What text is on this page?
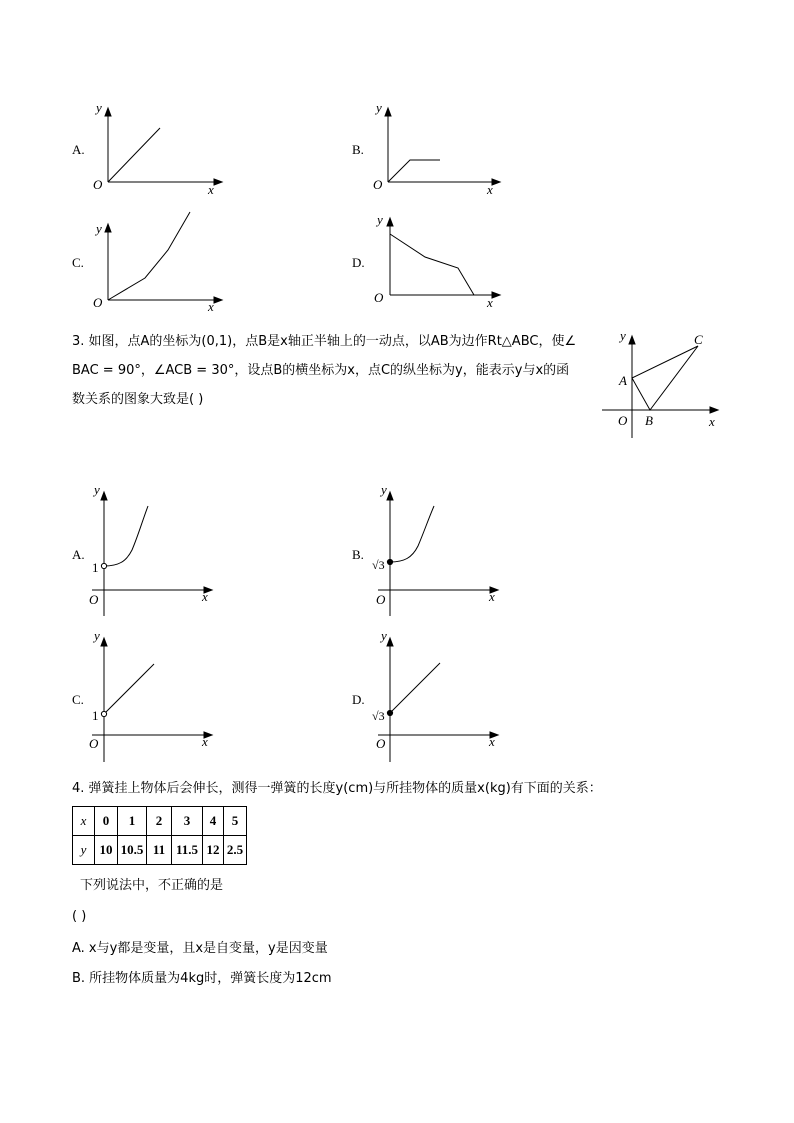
A.
y
x
O
B.
y
x
O
C.
y
x
O
D.
y
x
O
3. 如图，点A的坐标为(0,1)，点B是x轴正半轴上的一动点，以AB为边作Rt△ABC，使∠
BAC = 90°，∠ACB = 30°，设点B的横坐标为x，点C的纵坐标为y，能表示y与x的函
数关系的图象大致是( )
C
A
B
O
y
x
A.
1
y
x
O
B.
√3
y
x
O
C.
1
y
x
O
D.
√3
y
x
O
4. 弹簧挂上物体后会伸长，测得一弹簧的长度y(cm)与所挂物体的质量x(kg)有下面的关系：
x	0	1	2	3	4	5
y	10	10.5	11	11.5	12	2.5
下列说法中，不正确的是
( )
A. x与y都是变量，且x是自变量，y是因变量
B. 所挂物体质量为4kg时，弹簧长度为12cm
